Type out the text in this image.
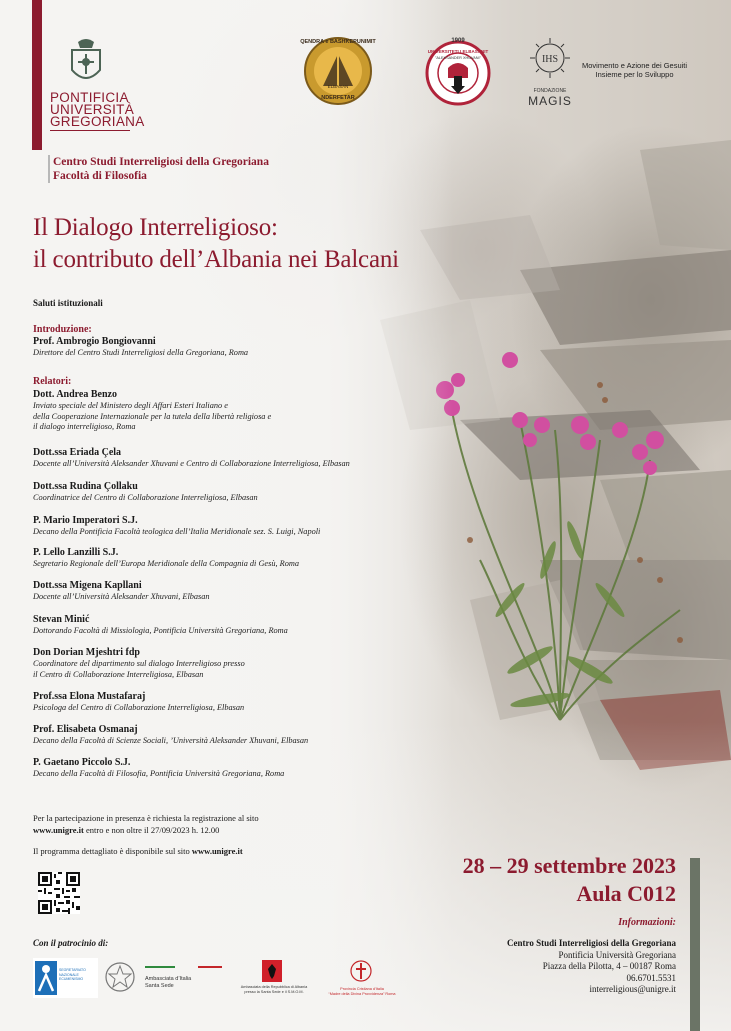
PONTIFICIA
UNIVERSITÀ
GREGORIANA
QENDRA e BASHKEPUNIMIT
ELBASAN
NDERFETAR
1909
UNIVERSITETI I ELBASANIT
"ALEKSANDER XHUVANI"	IHS
FONDAZIONE
MAGIS
Movimento e Azione dei Gesuiti
Insieme per lo Sviluppo
Centro Studi Interreligiosi della Gregoriana
Facoltà di Filosofia
Il Dialogo Interreligioso:
il contributo dell’Albania nei Balcani
Saluti istituzionali
Introduzione:
Prof. Ambrogio Bongiovanni
Direttore del Centro Studi Interreligiosi della Gregoriana, Roma
Relatori:
Dott. Andrea Benzo
Inviato speciale del Ministero degli Affari Esteri Italiano e
della Cooperazione Internazionale per la tutela della libertà religiosa e
il dialogo interreligioso, Roma
Dott.ssa Eriada Çela
Docente all’Università Aleksander Xhuvani e Centro di Collaborazione Interreligiosa, Elbasan
Dott.ssa Rudina Çollaku
Coordinatrice del Centro di Collaborazione Interreligiosa, Elbasan
P. Mario Imperatori S.J.
Decano della Pontificia Facoltà teologica dell’Italia Meridionale sez. S. Luigi, Napoli
P. Lello Lanzilli S.J.
Segretario Regionale dell’Europa Meridionale della Compagnia di Gesù, Roma
Dott.ssa Migena Kapllani
Docente all’Università Aleksander Xhuvani, Elbasan
Stevan Minić
Dottorando Facoltà di Missiologia, Pontificia Università Gregoriana, Roma
Don Dorian Mjeshtri fdp
Coordinatore del dipartimento sul dialogo Interreligioso presso
il Centro di Collaborazione Interreligiosa, Elbasan
Prof.ssa Elona Mustafaraj
Psicologa del Centro di Collaborazione Interreligiosa, Elbasan
Prof. Elisabeta Osmanaj
Decano della Facoltà di Scienze Sociali, ’Università Aleksander Xhuvani, Elbasan
P. Gaetano Piccolo S.J.
Decano della Facoltà di Filosofia, Pontificia Università Gregoriana, Roma
Per la partecipazione in presenza è richiesta la registrazione al sito
www.unigre.it entro e non oltre il 27/09/2023 h. 12.00
Il programma dettagliato è disponibile sul sito www.unigre.it
28 – 29 settembre 2023
Aula C012
Informazioni:
Centro Studi Interreligiosi della Gregoriana
Pontificia Università Gregoriana
Piazza della Pilotta, 4 – 00187 Roma
06.6701.5531
interreligious@unigre.it
Con il patrocinio di:
SEGRETARIATO NAZIONALE ECUMENISMO	Ambasciata d’Italia
Santa Sede	Ambasciata della Repubblica di Albania
presso la Santa Sede e il S.M.O.M.
Provincia Cristiana d’Italia
“Madre della Divina Provvidenza” Roma
